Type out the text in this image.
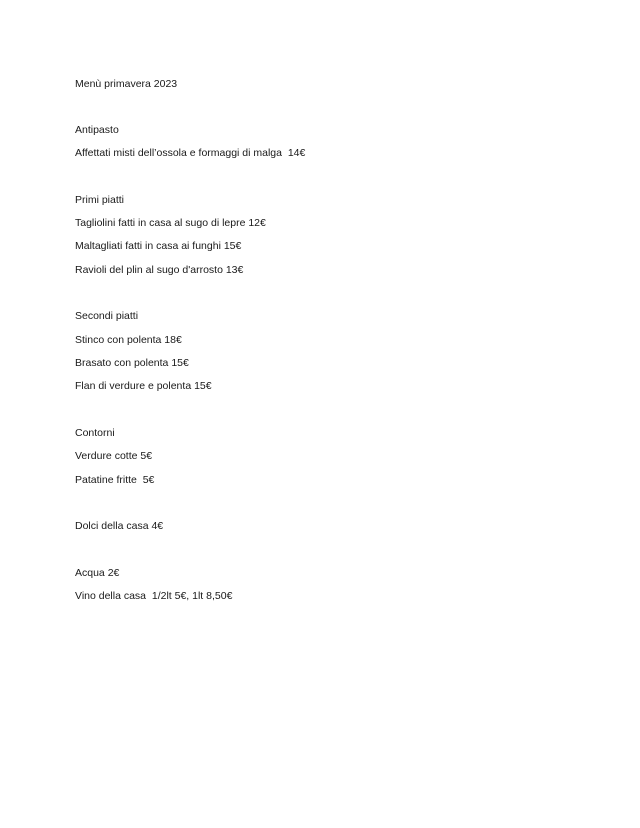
Menù primavera 2023
Antipasto
Affettati misti dell’ossola e formaggi di malga  14€
Primi piatti
Tagliolini fatti in casa al sugo di lepre 12€
Maltagliati fatti in casa ai funghi 15€
Ravioli del plin al sugo d'arrosto 13€
Secondi piatti
Stinco con polenta 18€
Brasato con polenta 15€
Flan di verdure e polenta 15€
Contorni
Verdure cotte 5€
Patatine fritte  5€
Dolci della casa 4€
Acqua 2€
Vino della casa  1/2lt 5€, 1lt 8,50€
